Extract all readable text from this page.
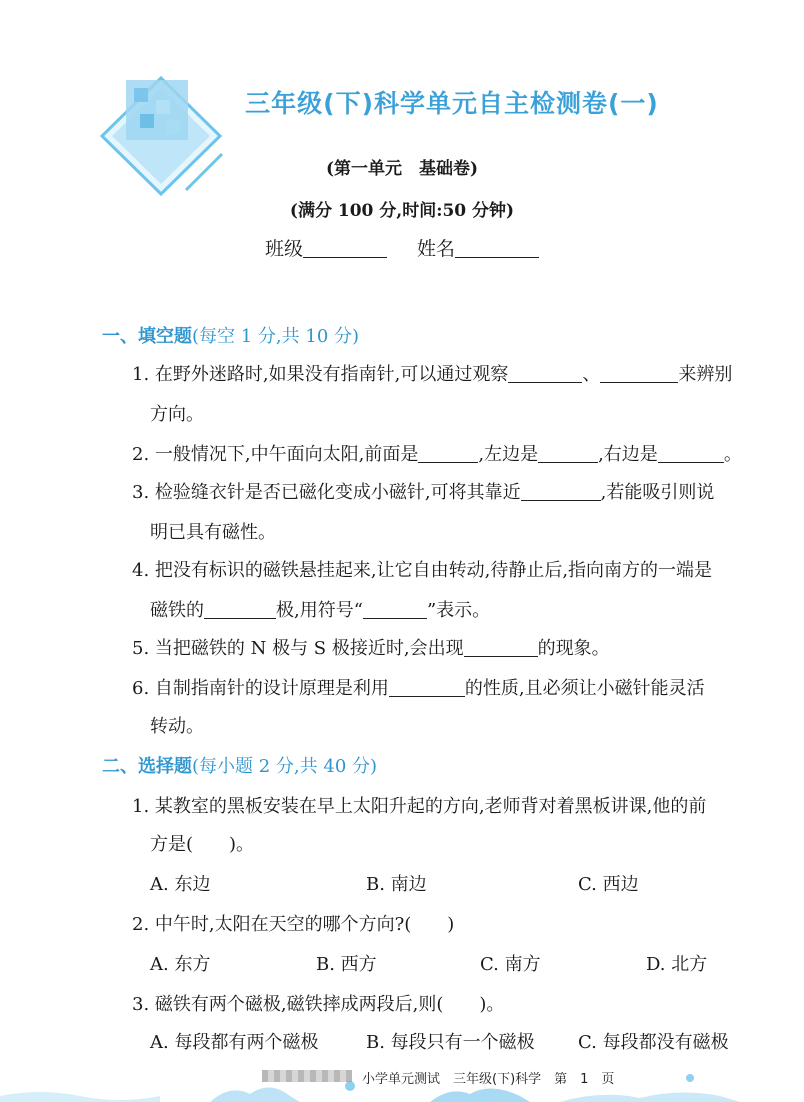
三年级(下)科学单元自主检测卷(一)
(第一单元　基础卷)
(满分 100 分,时间:50 分钟)
班级	姓名
一、填空题(每空 1 分,共 10 分)
1. 在野外迷路时,如果没有指南针,可以通过观察	、	来辨别
方向。
2. 一般情况下,中午面向太阳,前面是	,左边是	,右边是	。
3. 检验缝衣针是否已磁化变成小磁针,可将其靠近	,若能吸引则说
明已具有磁性。
4. 把没有标识的磁铁悬挂起来,让它自由转动,待静止后,指向南方的一端是
磁铁的	极,用符号“	”表示。
5. 当把磁铁的 N 极与 S 极接近时,会出现	的现象。
6. 自制指南针的设计原理是利用	的性质,且必须让小磁针能灵活
转动。
二、选择题(每小题 2 分,共 40 分)
1. 某教室的黑板安装在早上太阳升起的方向,老师背对着黑板讲课,他的前
方是(　　)。
A. 东边	B. 南边	C. 西边
2. 中午时,太阳在天空的哪个方向?(　　)
A. 东方	B. 西方	C. 南方	D. 北方
3. 磁铁有两个磁极,磁铁摔成两段后,则(　　)。
A. 每段都有两个磁极	B. 每段只有一个磁极 C. 每段都没有磁极
小学单元测试　三年级(下)科学　第　1　页
